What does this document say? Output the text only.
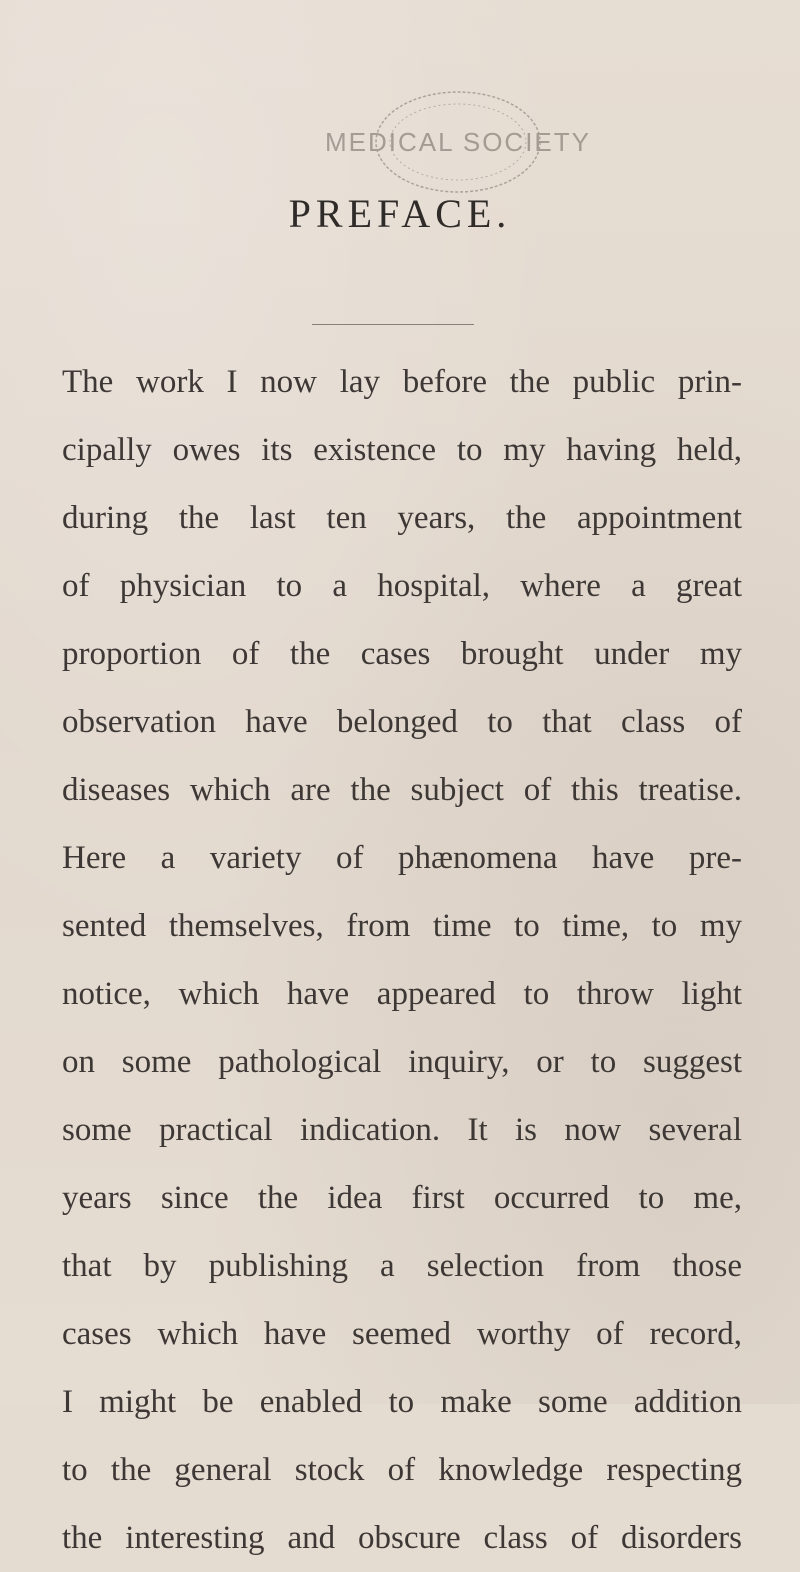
MEDICAL SOCIETY
PREFACE.
The work I now lay before the public prin-
cipally owes its existence to my having held,
during the last ten years, the appointment
of physician to a hospital, where a great
proportion of the cases brought under my
observation have belonged to that class of
diseases which are the subject of this treatise.
Here a variety of phænomena have pre-
sented themselves, from time to time, to my
notice, which have appeared to throw light
on some pathological inquiry, or to suggest
some practical indication. It is now several
years since the idea first occurred to me,
that by publishing a selection from those
cases which have seemed worthy of record,
I might be enabled to make some addition
to the general stock of knowledge respecting
the interesting and obscure class of disorders
